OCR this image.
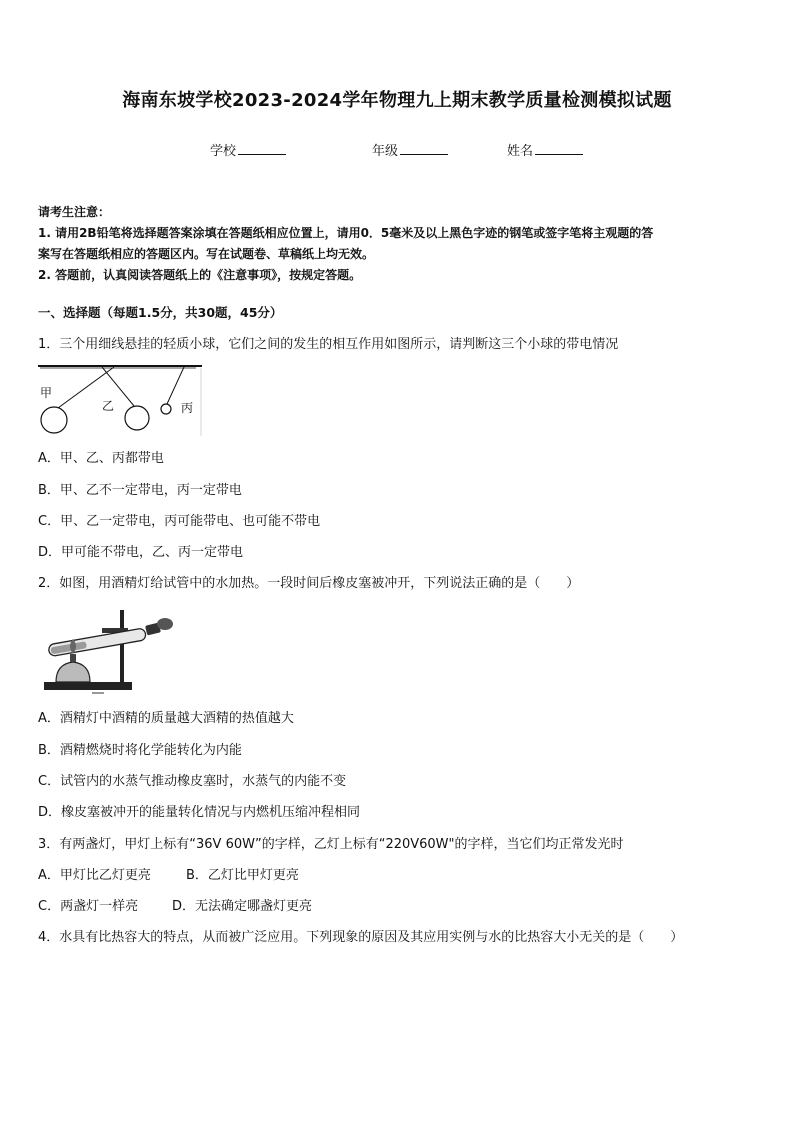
海南东坡学校2023-2024学年物理九上期末教学质量检测模拟试题
学校	年级	姓名
请考生注意：
1. 请用2B铅笔将选择题答案涂填在答题纸相应位置上，请用0．5毫米及以上黑色字迹的钢笔或签字笔将主观题的答
案写在答题纸相应的答题区内。写在试题卷、草稿纸上均无效。
2. 答题前，认真阅读答题纸上的《注意事项》，按规定答题。
一、选择题（每题1.5分，共30题，45分）
1．三个用细线悬挂的轻质小球，它们之间的发生的相互作用如图所示，请判断这三个小球的带电情况
甲
乙	丙
A．甲、乙、丙都带电
B．甲、乙不一定带电，丙一定带电
C．甲、乙一定带电，丙可能带电、也可能不带电
D．甲可能不带电，乙、丙一定带电
2．如图，用酒精灯给试管中的水加热。一段时间后橡皮塞被冲开，下列说法正确的是（　　）
A．酒精灯中酒精的质量越大酒精的热值越大
B．酒精燃烧时将化学能转化为内能
C．试管内的水蒸气推动橡皮塞时，水蒸气的内能不变
D．橡皮塞被冲开的能量转化情况与内燃机压缩冲程相同
3．有两盏灯，甲灯上标有“36V 60W”的字样，乙灯上标有“220V60W"的字样，当它们均正常发光时
A．甲灯比乙灯更亮	B．乙灯比甲灯更亮
C．两盏灯一样亮	D．无法确定哪盏灯更亮
4．水具有比热容大的特点，从而被广泛应用。下列现象的原因及其应用实例与水的比热容大小无关的是（　　）
